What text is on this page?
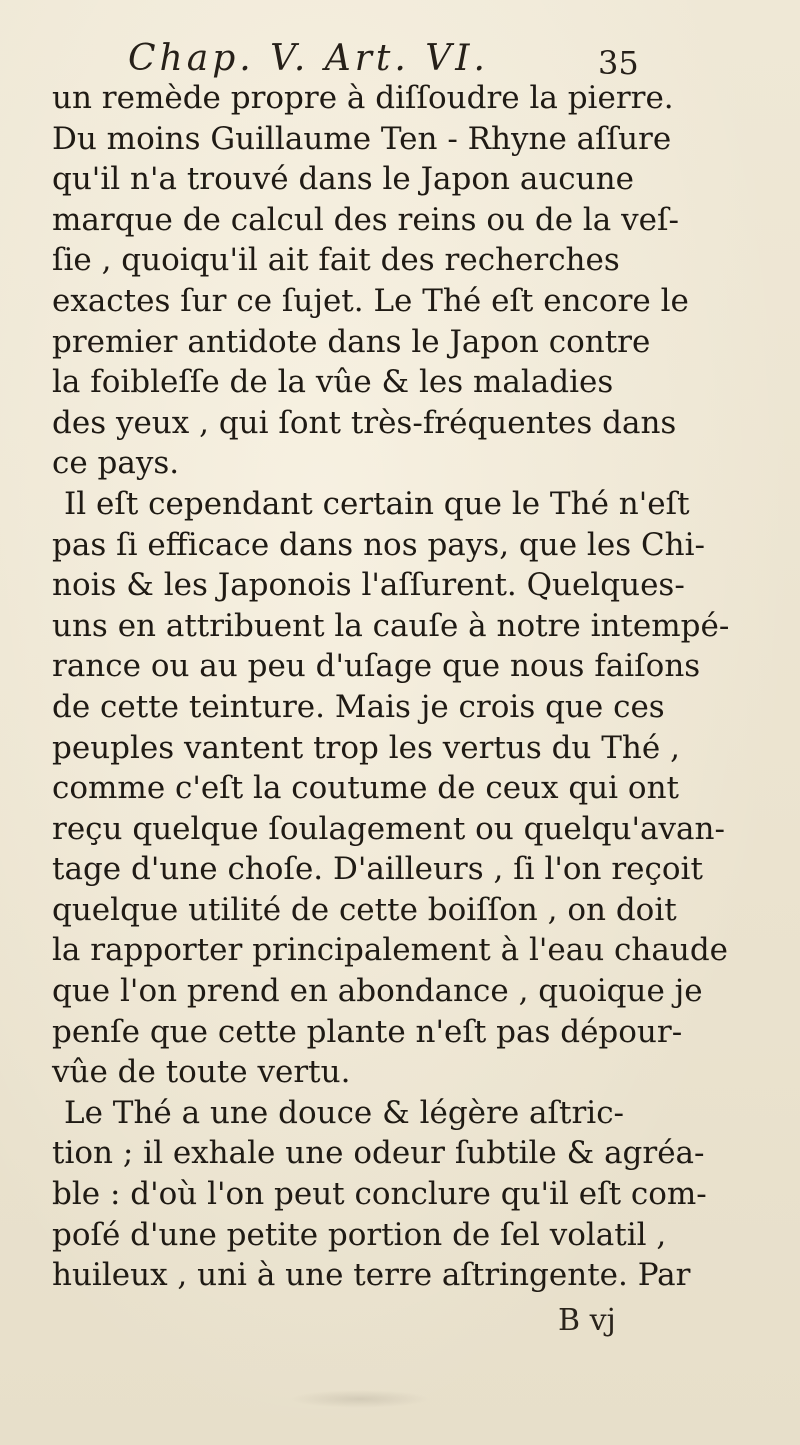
Chap. V. Art. VI.	35
un remède propre à diſſoudre la pierre.
Du moins Guillaume Ten - Rhyne aſſure
qu'il n'a trouvé dans le Japon aucune
marque de calcul des reins ou de la veſ-
ſie , quoiqu'il ait fait des recherches
exactes ſur ce ſujet. Le Thé eſt encore le
premier antidote dans le Japon contre
la foibleſſe de la vûe & les maladies
des yeux , qui ſont très-fréquentes dans
ce pays.
Il eſt cependant certain que le Thé n'eſt
pas ſi efficace dans nos pays, que les Chi-
nois & les Japonois l'aſſurent. Quelques-
uns en attribuent la cauſe à notre intempé-
rance ou au peu d'uſage que nous faiſons
de cette teinture. Mais je crois que ces
peuples vantent trop les vertus du Thé ,
comme c'eſt la coutume de ceux qui ont
reçu quelque ſoulagement ou quelqu'avan-
tage d'une choſe. D'ailleurs , ſi l'on reçoit
quelque utilité de cette boiſſon , on doit
la rapporter principalement à l'eau chaude
que l'on prend en abondance , quoique je
penſe que cette plante n'eſt pas dépour-
vûe de toute vertu.
Le Thé a une douce & légère aſtric-
tion ; il exhale une odeur ſubtile & agréa-
ble : d'où l'on peut conclure qu'il eſt com-
poſé d'une petite portion de ſel volatil ,
huileux , uni à une terre aſtringente. Par
B vj
